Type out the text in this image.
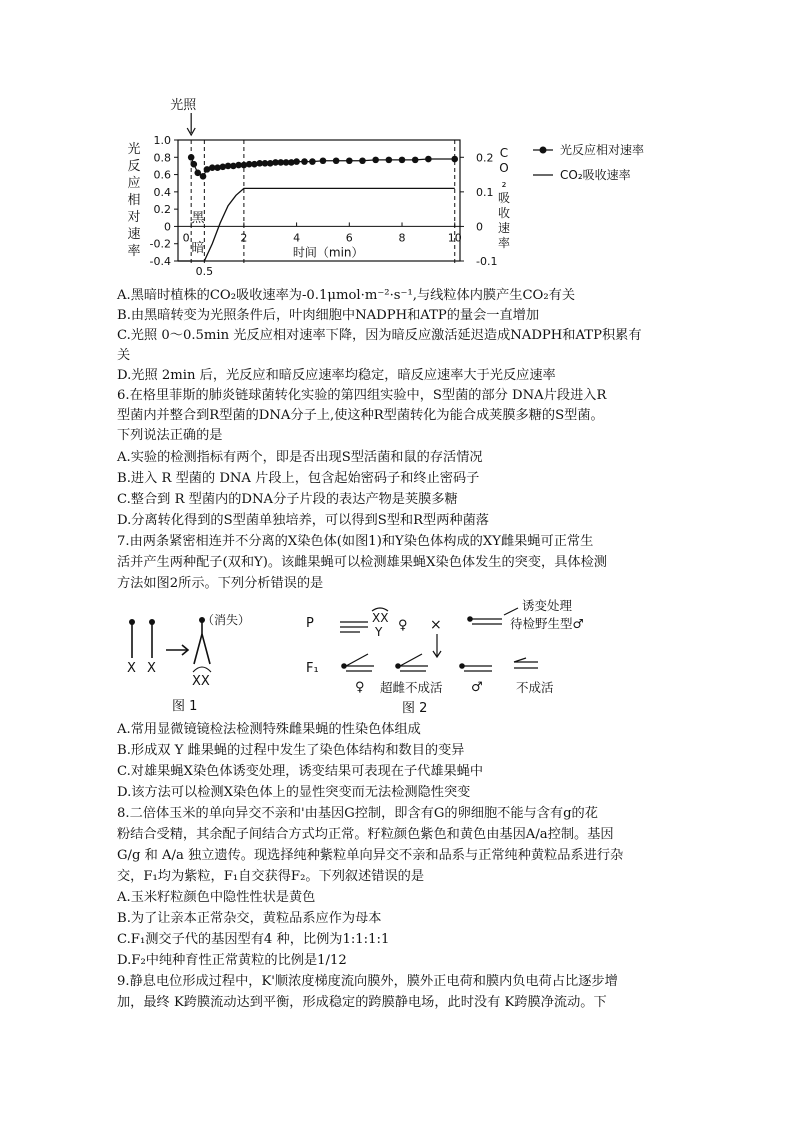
1.0
0.8
0.6
0.4
0.2
0
-0.2
-0.4
0.2
0.1
0
-0.1
0	2	4	6	8	10
0.5
时间（min）
光照
黑
暗
光
反
应
相
对
速
率
C
O
₂
吸
收
速
率
光反应相对速率
CO₂吸收速率
A.黑暗时植株的CO₂吸收速率为-0.1μmol·m⁻²·s⁻¹,与线粒体内膜产生CO₂有关
B.由黑暗转变为光照条件后，叶肉细胞中NADPH和ATP的量会一直增加
C.光照 0～0.5min 光反应相对速率下降，因为暗反应激活延迟造成NADPH和ATP积累有
关
D.光照 2min 后，光反应和暗反应速率均稳定，暗反应速率大于光反应速率
6.在格里菲斯的肺炎链球菌转化实验的第四组实验中，S型菌的部分 DNA片段进入R
型菌内并整合到R型菌的DNA分子上,使这种R型菌转化为能合成荚膜多糖的S型菌。
下列说法正确的是
A.实验的检测指标有两个，即是否出现S型活菌和鼠的存活情况
B.进入 R 型菌的 DNA 片段上，包含起始密码子和终止密码子
C.整合到 R 型菌内的DNA分子片段的表达产物是荚膜多糖
D.分离转化得到的S型菌单独培养，可以得到S型和R型两种菌落
7.由两条紧密相连并不分离的X染色体(如图1)和Y染色体构成的XY雌果蝇可正常生
活并产生两种配子(双和Y)。该雌果蝇可以检测雄果蝇X染色体发生的突变，具体检测
方法如图2所示。下列分析错误的是
X X
（消失）
XX
图 1
P
F₁
XX
Y ♀ ×
诱变处理
待检野生型♂
♀ 超雌不成活 ♂	不成活
图 2
A.常用显微镜镜检法检测特殊雌果蝇的性染色体组成
B.形成双 Y 雌果蝇的过程中发生了染色体结构和数目的变异
C.对雄果蝇X染色体诱变处理，诱变结果可表现在子代雄果蝇中
D.该方法可以检测X染色体上的显性突变而无法检测隐性突变
8.二倍体玉米的单向异交不亲和'由基因G控制，即含有G的卵细胞不能与含有g的花
粉结合受精，其余配子间结合方式均正常。籽粒颜色紫色和黄色由基因A/a控制。基因
G/g 和 A/a 独立遗传。现选择纯种紫粒单向异交不亲和品系与正常纯种黄粒品系进行杂
交，F₁均为紫粒，F₁自交获得F₂。下列叙述错误的是
A.玉米籽粒颜色中隐性性状是黄色
B.为了让亲本正常杂交，黄粒品系应作为母本
C.F₁测交子代的基因型有4 种，比例为1:1:1:1
D.F₂中纯种育性正常黄粒的比例是1/12
9.静息电位形成过程中，K'顺浓度梯度流向膜外，膜外正电荷和膜内负电荷占比逐步增
加，最终 K跨膜流动达到平衡，形成稳定的跨膜静电场，此时没有 K跨膜净流动。下
